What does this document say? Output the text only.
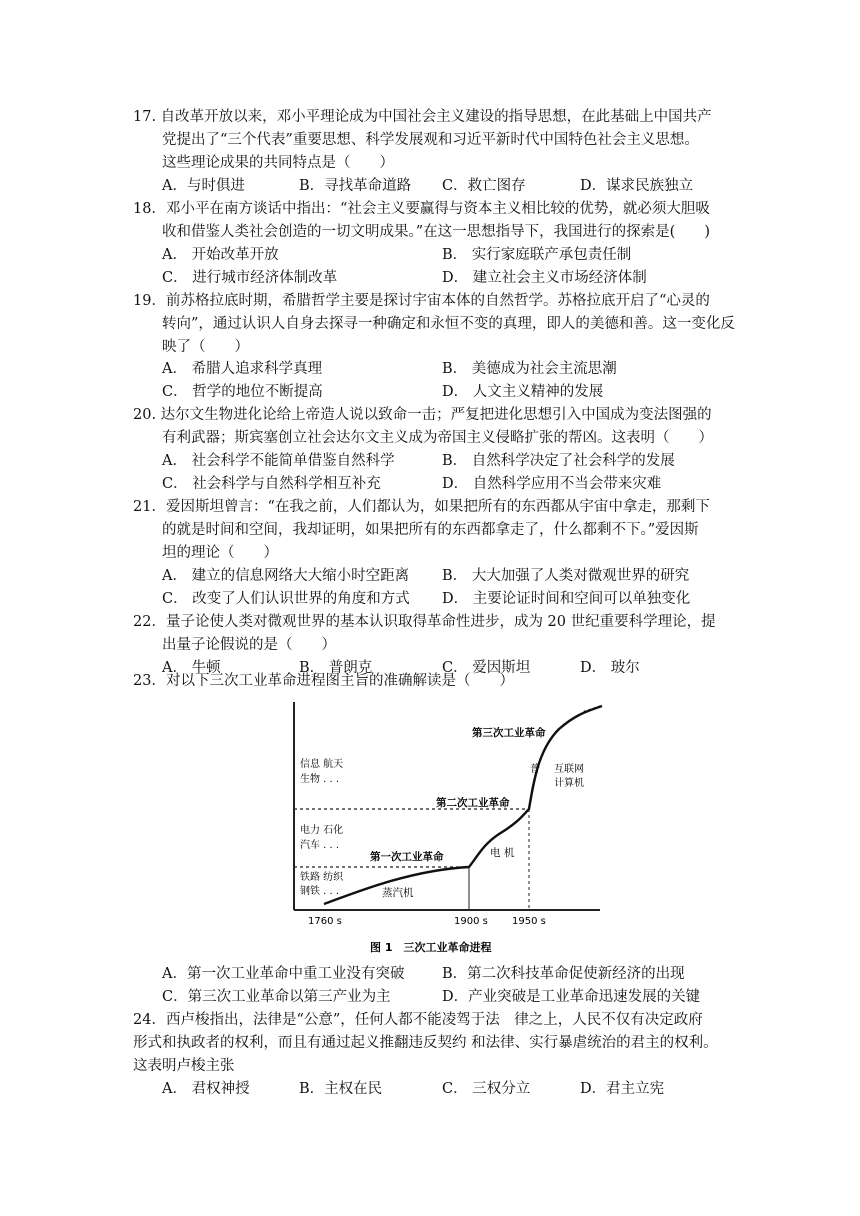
17. 自改革开放以来，邓小平理论成为中国社会主义建设的指导思想，在此基础上中国共产
党提出了“三个代表”重要思想、科学发展观和习近平新时代中国特色社会主义思想。
这些理论成果的共同特点是（　　）
A．与时俱进	B．寻找革命道路 C．救亡图存	D．谋求民族独立
18．邓小平在南方谈话中指出：“社会主义要赢得与资本主义相比较的优势，就必须大胆吸
收和借鉴人类社会创造的一切文明成果。”在这一思想指导下，我国进行的探索是(　　)
A． 开始改革开放	B． 实行家庭联产承包责任制
C． 进行城市经济体制改革	D． 建立社会主义市场经济体制
19．前苏格拉底时期，希腊哲学主要是探讨宇宙本体的自然哲学。苏格拉底开启了“心灵的
转向”，通过认识人自身去探寻一种确定和永恒不变的真理，即人的美德和善。这一变化反
映了（　　）
A． 希腊人追求科学真理	B． 美德成为社会主流思潮
C． 哲学的地位不断提高	D． 人文主义精神的发展
20. 达尔文生物进化论给上帝造人说以致命一击；严复把进化思想引入中国成为变法图强的
有利武器；斯宾塞创立社会达尔文主义成为帝国主义侵略扩张的帮凶。这表明（　　）
A． 社会科学不能简单借鉴自然科学	B． 自然科学决定了社会科学的发展
C． 社会科学与自然科学相互补充	D． 自然科学应用不当会带来灾难
21．爱因斯坦曾言：“在我之前，人们都认为，如果把所有的东西都从宇宙中拿走，那剩下
的就是时间和空间，我却证明，如果把所有的东西都拿走了，什么都剩不下。”爱因斯
坦的理论（　　）
A． 建立的信息网络大大缩小时空距离 B． 大大加强了人类对微观世界的研究
C． 改变了人们认识世界的角度和方式 D． 主要论证时间和空间可以单独变化
22．量子论使人类对微观世界的基本认识取得革命性进步，成为 20 世纪重要科学理论，提
出量子论假说的是（　　）
A． 牛顿	B． 普朗克	C． 爱因斯坦	D． 玻尔
23．对以下三次工业革命进程图主旨的准确解读是（　　）
第三次工业革命
第二次工业革命
第一次工业革命
信息 航天
生物 . . .
电力 石化
汽车 . . .
铁路 纺织
钢铁 . . .	蒸汽机
电 机
互联网
计算机
普
1760 s	1900 s 1950 s
图 1　三次工业革命进程
A．第一次工业革命中重工业没有突破	B．第二次科技革命促使新经济的出现
C．第三次工业革命以第三产业为主	D．产业突破是工业革命迅速发展的关键
24．西卢梭指出，法律是“公意”，任何人都不能凌驾于法　律之上，人民不仅有决定政府
形式和执政者的权利，而且有通过起义推翻违反契约 和法律、实行暴虐统治的君主的权利。
这表明卢梭主张
A． 君权神授	B．主权在民	C． 三权分立	D．君主立宪
